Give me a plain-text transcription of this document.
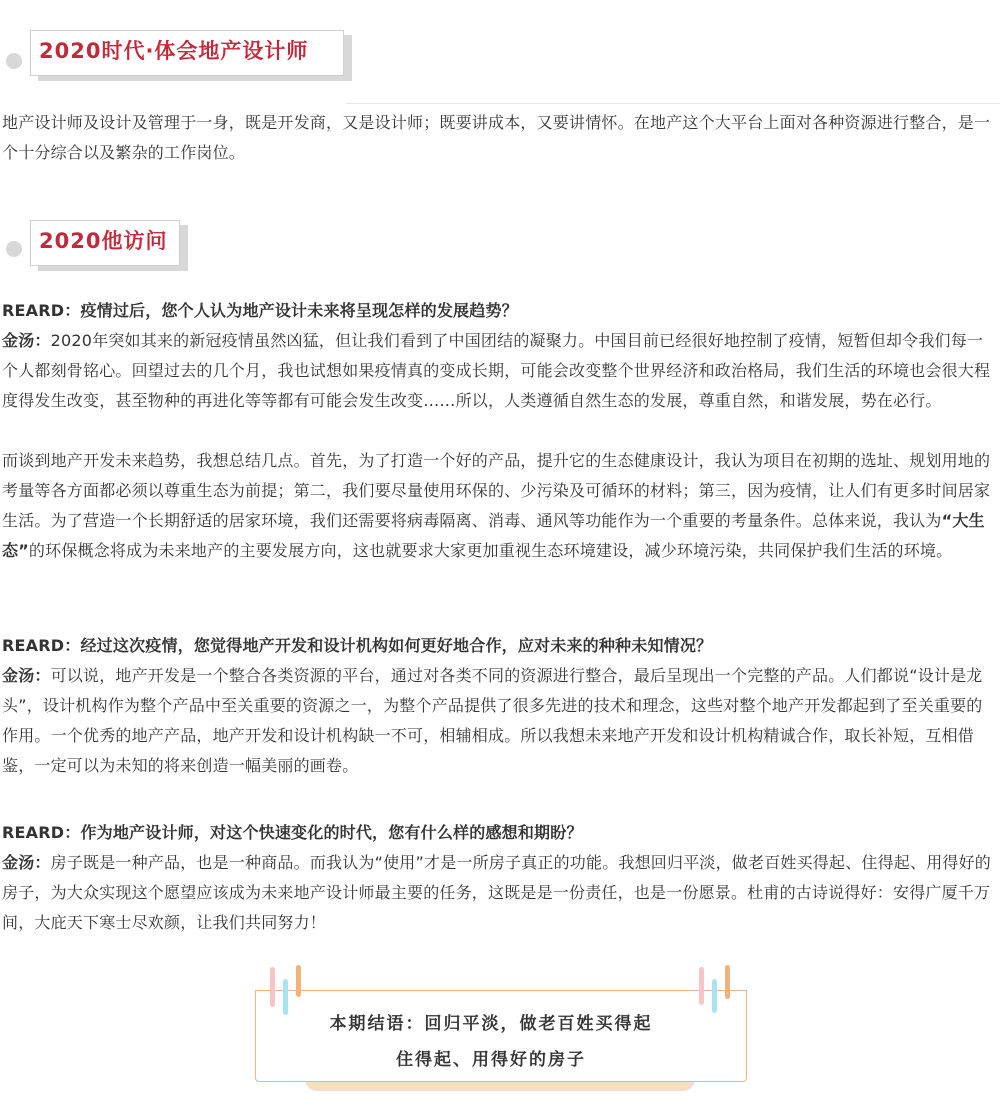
2020时代·体会地产设计师

地产设计师及设计及管理于一身，既是开发商，又是设计师；既要讲成本，又要讲情怀。在地产这个大平台上面对各种资源进行整合，是一个十分综合以及繁杂的工作岗位。

2020他访问

REARD：疫情过后，您个人认为地产设计未来将呈现怎样的发展趋势？

金汤：2020年突如其来的新冠疫情虽然凶猛，但让我们看到了中国团结的凝聚力。中国目前已经很好地控制了疫情，短暂但却令我们每一个人都刻骨铭心。回望过去的几个月，我也试想如果疫情真的变成长期，可能会改变整个世界经济和政治格局，我们生活的环境也会很大程度得发生改变，甚至物种的再进化等等都有可能会发生改变……所以，人类遵循自然生态的发展，尊重自然，和谐发展，势在必行。

而谈到地产开发未来趋势，我想总结几点。首先，为了打造一个好的产品，提升它的生态健康设计，我认为项目在初期的选址、规划用地的考量等各方面都必须以尊重生态为前提；第二，我们要尽量使用环保的、少污染及可循环的材料；第三，因为疫情，让人们有更多时间居家生活。为了营造一个长期舒适的居家环境，我们还需要将病毒隔离、消毒、通风等功能作为一个重要的考量条件。总体来说，我认为“大生态”的环保概念将成为未来地产的主要发展方向，这也就要求大家更加重视生态环境建设，减少环境污染，共同保护我们生活的环境。

REARD：经过这次疫情，您觉得地产开发和设计机构如何更好地合作，应对未来的种种未知情况？

金汤：可以说，地产开发是一个整合各类资源的平台，通过对各类不同的资源进行整合，最后呈现出一个完整的产品。人们都说“设计是龙头”，设计机构作为整个产品中至关重要的资源之一，为整个产品提供了很多先进的技术和理念，这些对整个地产开发都起到了至关重要的作用。一个优秀的地产产品，地产开发和设计机构缺一不可，相辅相成。所以我想未来地产开发和设计机构精诚合作，取长补短，互相借鉴，一定可以为未知的将来创造一幅美丽的画卷。

REARD：作为地产设计师，对这个快速变化的时代，您有什么样的感想和期盼？

金汤：房子既是一种产品，也是一种商品。而我认为“使用”才是一所房子真正的功能。我想回归平淡，做老百姓买得起、住得起、用得好的房子，为大众实现这个愿望应该成为未来地产设计师最主要的任务，这既是是一份责任，也是一份愿景。杜甫的古诗说得好：安得广厦千万间，大庇天下寒士尽欢颜，让我们共同努力！

本期结语：回归平淡，做老百姓买得起
住得起、用得好的房子
